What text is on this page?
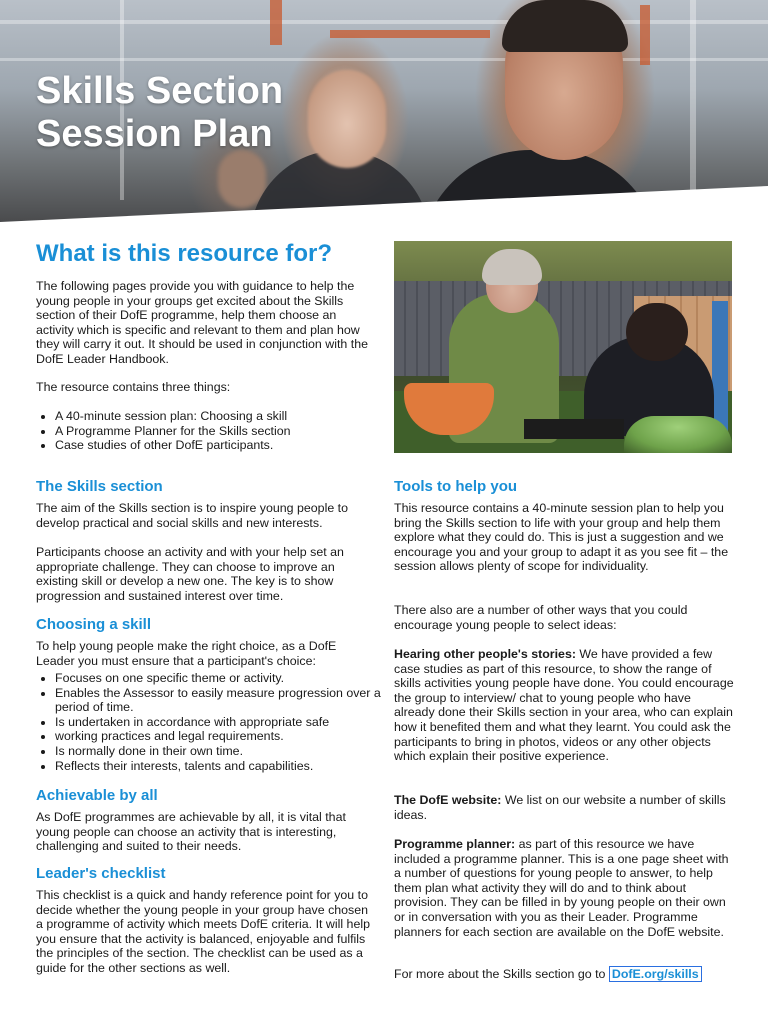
Skills Section
Session Plan
What is this resource for?

The following pages provide you with guidance to help the young people in your groups get excited about the Skills section of their DofE programme, help them choose an activity which is specific and relevant to them and plan how they will carry it out. It should be used in conjunction with the DofE Leader Handbook.

The resource contains three things:

• A 40-minute session plan: Choosing a skill
• A Programme Planner for the Skills section
• Case studies of other DofE participants.
The Skills section

The aim of the Skills section is to inspire young people to develop practical and social skills and new interests.

Participants choose an activity and with your help set an appropriate challenge. They can choose to improve an existing skill or develop a new one. The key is to show progression and sustained interest over time.

Choosing a skill

To help young people make the right choice, as a DofE Leader you must ensure that a participant's choice:

• Focuses on one specific theme or activity.
• Enables the Assessor to easily measure progression over a period of time.
• Is undertaken in accordance with appropriate safe
• working practices and legal requirements.
• Is normally done in their own time.
• Reflects their interests, talents and capabilities.
Achievable by all

As DofE programmes are achievable by all, it is vital that young people can choose an activity that is interesting, challenging and suited to their needs.

Leader's checklist

This checklist is a quick and handy reference point for you to decide whether the young people in your group have chosen a programme of activity which meets DofE criteria. It will help you ensure that the activity is balanced, enjoyable and fulfils the principles of the section. The checklist can be used as a guide for the other sections as well.

Tools to help you

This resource contains a 40-minute session plan to help you bring the Skills section to life with your group and help them explore what they could do. This is just a suggestion and we encourage you and your group to adapt it as you see fit – the session allows plenty of scope for individuality.

There also are a number of other ways that you could encourage young people to select ideas:

Hearing other people's stories: We have provided a few case studies as part of this resource, to show the range of skills activities young people have done. You could encourage the group to interview/ chat to young people who have already done their Skills section in your area, who can explain how it benefited them and what they learnt. You could ask the participants to bring in photos, videos or any other objects which explain their positive experience.

The DofE website: We list on our website a number of skills ideas.

Programme planner: as part of this resource we have included a programme planner. This is a one page sheet with a number of questions for young people to answer, to help them plan what activity they will do and to think about provision. They can be filled in by young people on their own or in conversation with you as their Leader. Programme planners for each section are available on the DofE website.

For more about the Skills section go to DofE.org/skills
